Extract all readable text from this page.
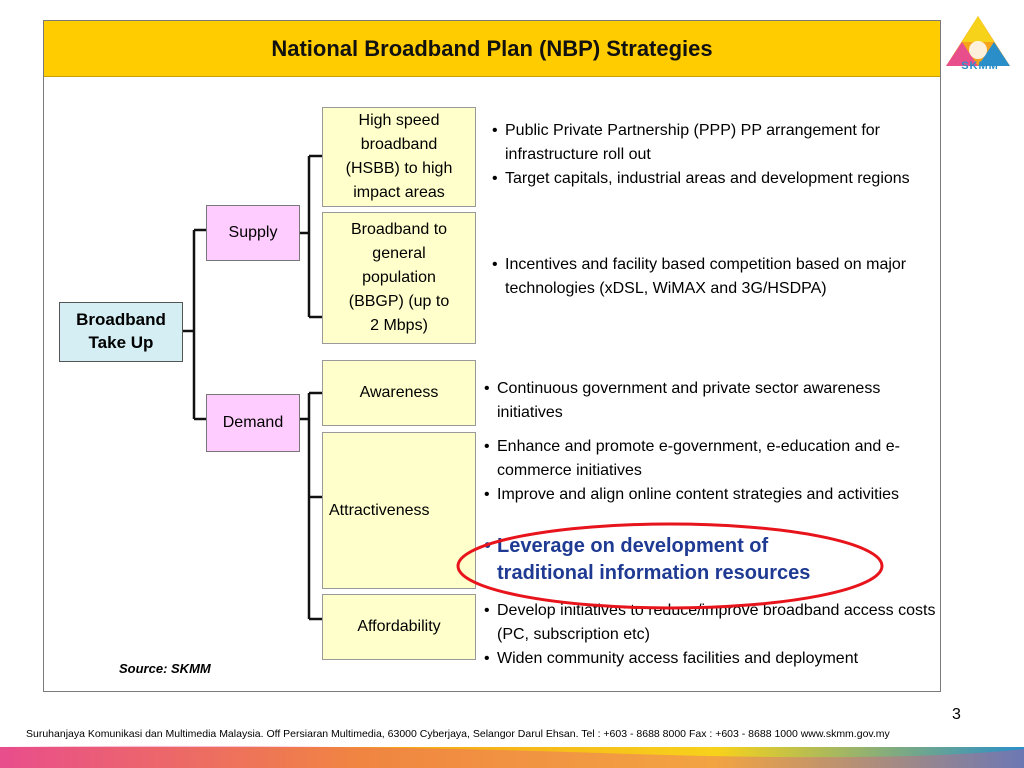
SKMM
National Broadband Plan (NBP) Strategies
Broadband
Take Up
Supply
Demand
High speed
broadband
(HSBB) to high
impact areas
Broadband to
general
population
(BBGP) (up to
2 Mbps)
Awareness
Attractiveness
Affordability
• Public Private Partnership (PPP) PP arrangement for infrastructure roll out
• Target capitals, industrial areas and development regions
• Incentives and facility based competition based on major technologies (xDSL, WiMAX and 3G/HSDPA)
• Continuous government and private sector awareness initiatives
• Enhance and promote e-government, e-education and e-commerce initiatives
• Improve and align online content strategies and activities
• Leverage on development of traditional information resources
• Develop initiatives to reduce/improve broadband access costs (PC, subscription etc)
• Widen community access facilities and deployment
Source: SKMM
3
Suruhanjaya Komunikasi dan Multimedia Malaysia. Off Persiaran Multimedia, 63000 Cyberjaya, Selangor Darul Ehsan. Tel : +603 - 8688 8000 Fax : +603 - 8688 1000 www.skmm.gov.my
